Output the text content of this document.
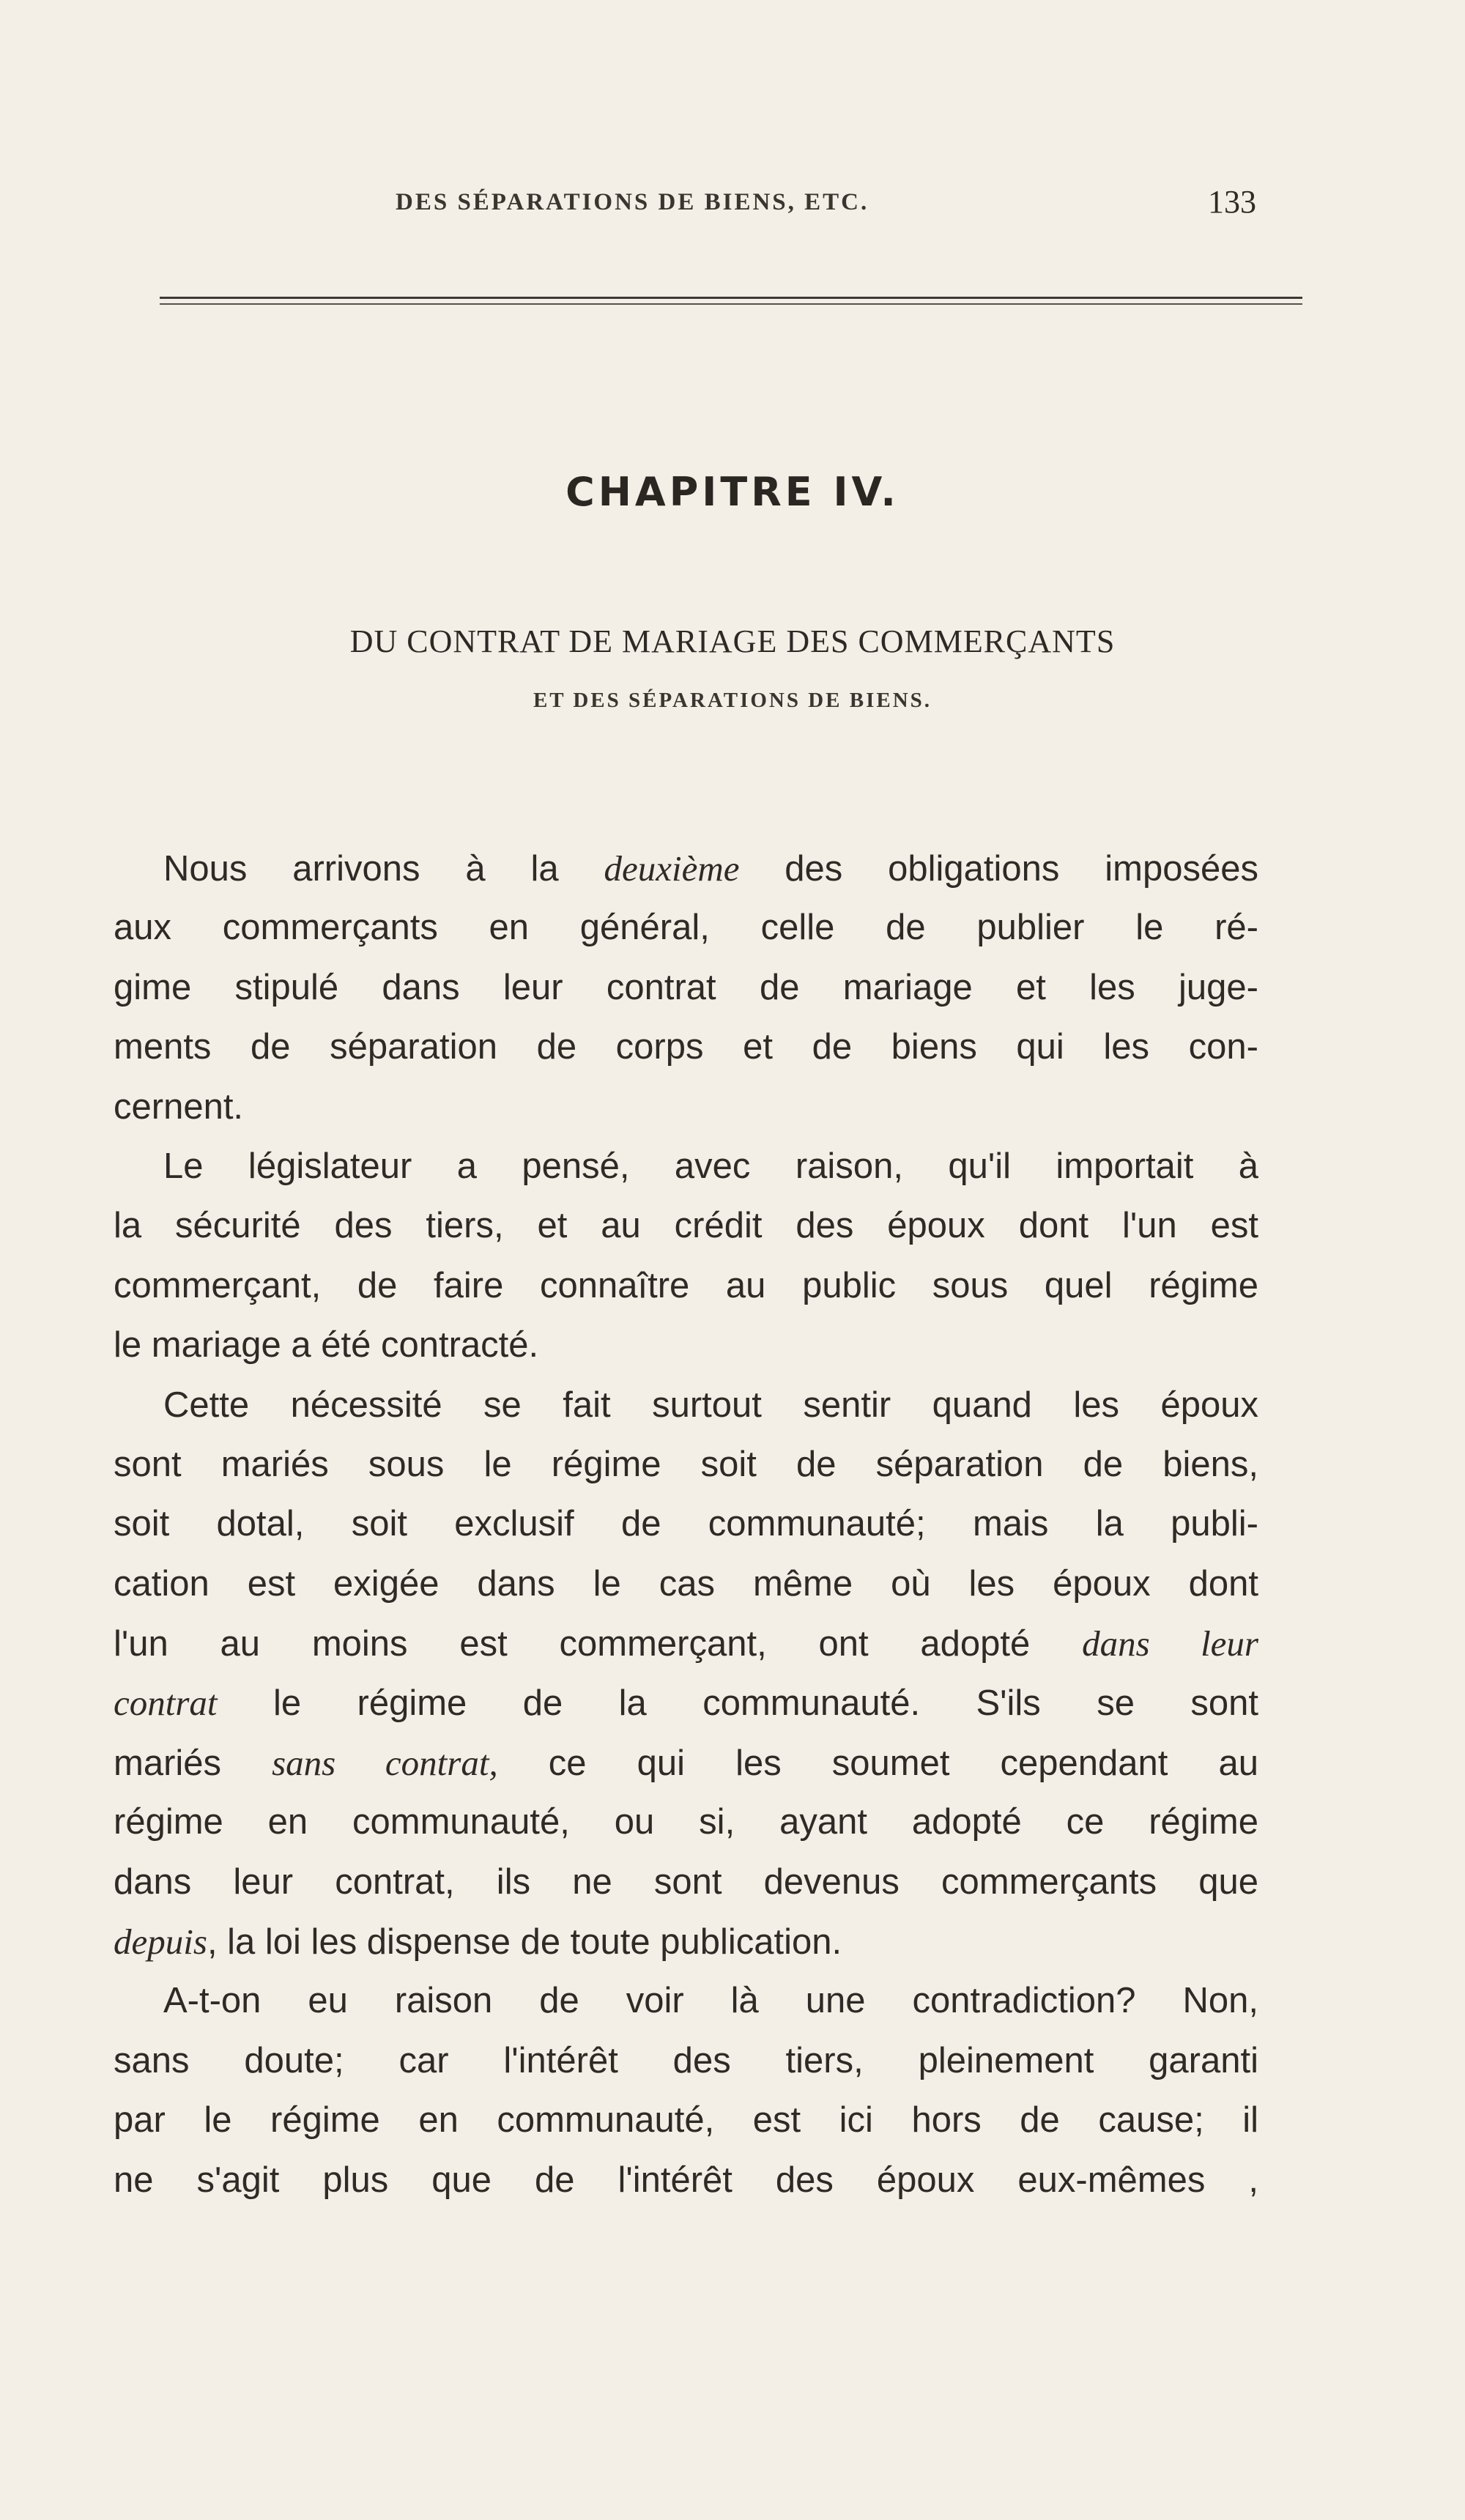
DES SÉPARATIONS DE BIENS, ETC.	133
CHAPITRE IV.
DU CONTRAT DE MARIAGE DES COMMERÇANTS
ET DES SÉPARATIONS DE BIENS.
Nous arrivons à la deuxième des obligations imposées
aux commerçants en général, celle de publier le ré-
gime stipulé dans leur contrat de mariage et les juge-
ments de séparation de corps et de biens qui les con-
cernent.
Le législateur a pensé, avec raison, qu'il importait à
la sécurité des tiers, et au crédit des époux dont l'un est
commerçant, de faire connaître au public sous quel régime
le mariage a été contracté.
Cette nécessité se fait surtout sentir quand les époux
sont mariés sous le régime soit de séparation de biens,
soit dotal, soit exclusif de communauté; mais la publi-
cation est exigée dans le cas même où les époux dont
l'un au moins est commerçant, ont adopté dans leur
contrat le régime de la communauté. S'ils se sont
mariés sans contrat, ce qui les soumet cependant au
régime en communauté, ou si, ayant adopté ce régime
dans leur contrat, ils ne sont devenus commerçants que
depuis, la loi les dispense de toute publication.
A-t-on eu raison de voir là une contradiction? Non,
sans doute; car l'intérêt des tiers, pleinement garanti
par le régime en communauté, est ici hors de cause; il
ne s'agit plus que de l'intérêt des époux eux-mêmes ,
